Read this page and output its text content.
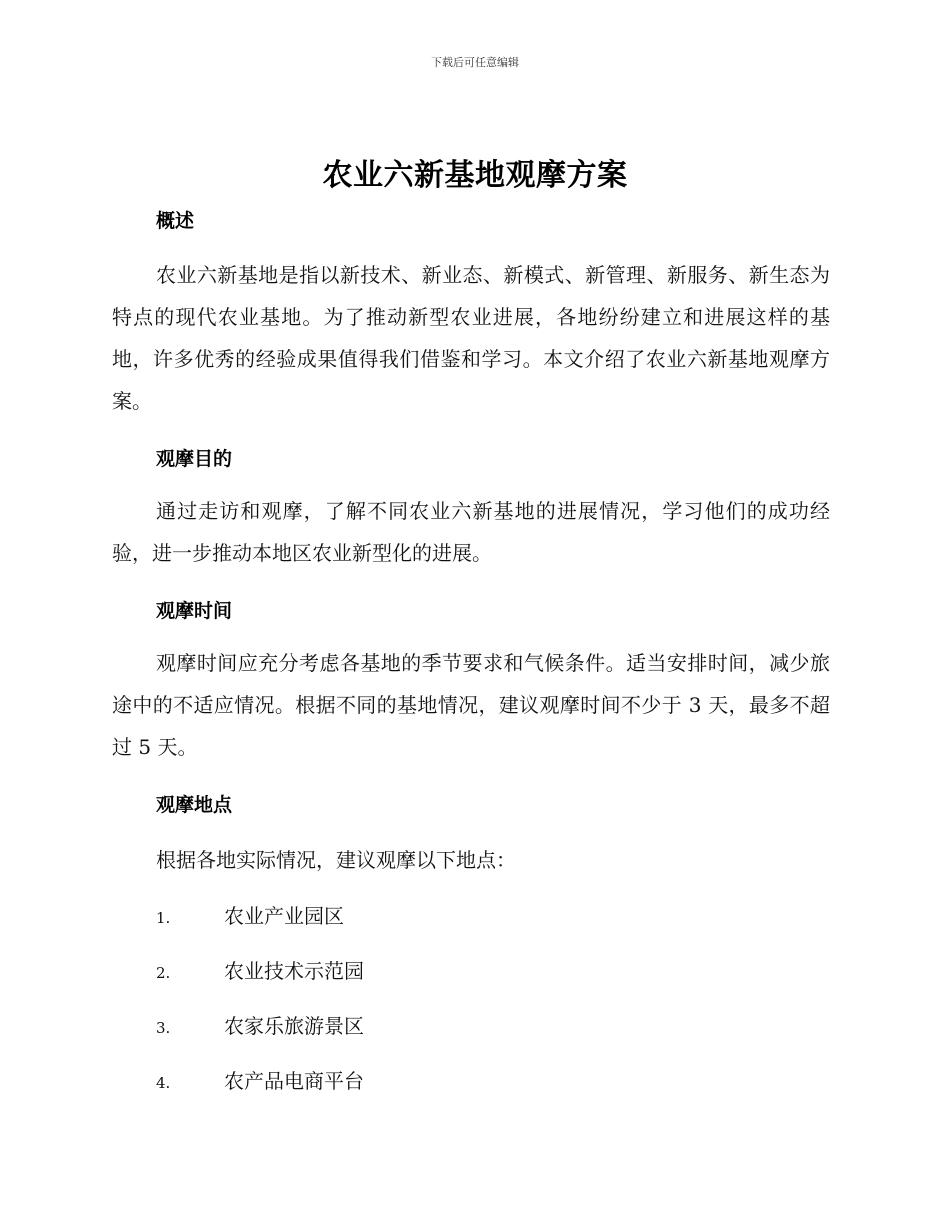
下载后可任意编辑
农业六新基地观摩方案
概述

农业六新基地是指以新技术、新业态、新模式、新管理、新服务、新生态为特点的现代农业基地。为了推动新型农业进展，各地纷纷建立和进展这样的基地，许多优秀的经验成果值得我们借鉴和学习。本文介绍了农业六新基地观摩方案。

观摩目的

通过走访和观摩，了解不同农业六新基地的进展情况，学习他们的成功经验，进一步推动本地区农业新型化的进展。

观摩时间

观摩时间应充分考虑各基地的季节要求和气候条件。适当安排时间，减少旅途中的不适应情况。根据不同的基地情况，建议观摩时间不少于 3 天，最多不超过 5 天。

观摩地点
根据各地实际情况，建议观摩以下地点：
1.	农业产业园区
2.	农业技术示范园
3.	农家乐旅游景区
4.	农产品电商平台
